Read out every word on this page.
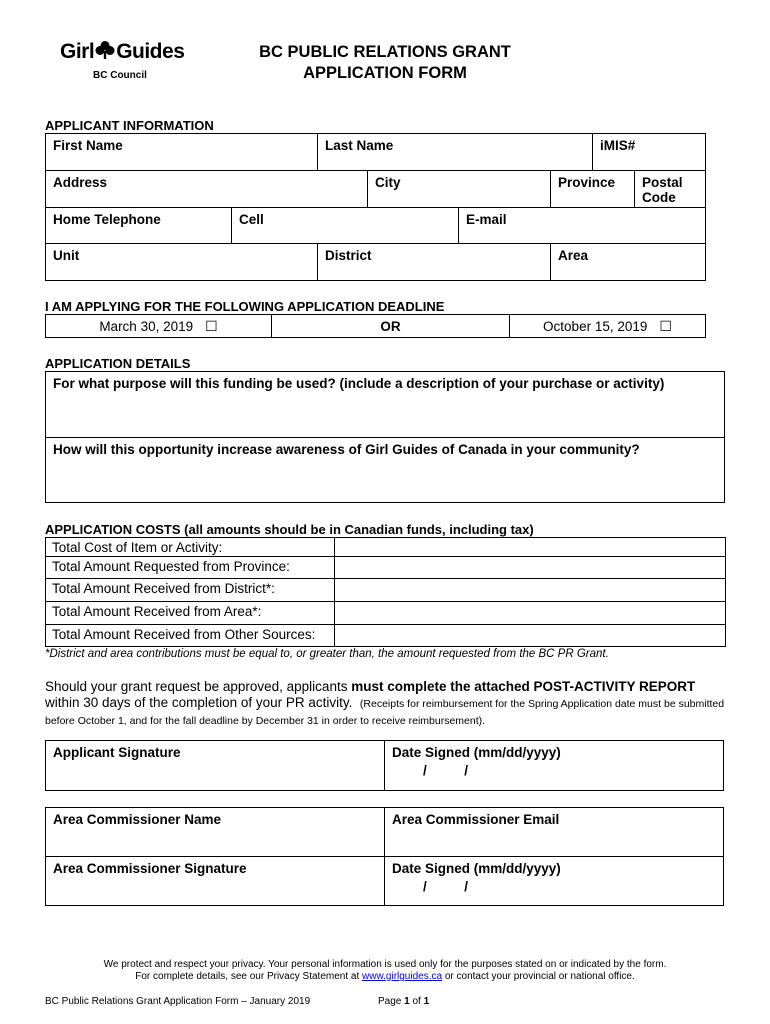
Girl Guides
BC Council
BC PUBLIC RELATIONS GRANT
APPLICATION FORM
APPLICANT INFORMATION
First Name		Last Name				iMIS#	

Address			City		Province		Postal Code

Home Telephone	Cell			E-mail			

Unit		District			Area		
I AM APPLYING FOR THE FOLLOWING APPLICATION DEADLINE
March 30, 2019 ☐	OR	October 15, 2019 ☐
APPLICATION DETAILS
For what purpose will this funding be used? (include a description of your purchase or activity)

How will this opportunity increase awareness of Girl Guides of Canada in your community?
APPLICATION COSTS (all amounts should be in Canadian funds, including tax)
Total Cost of Item or Activity:	

Total Amount Requested from Province:	

Total Amount Received from District*:	

Total Amount Received from Area*:	

Total Amount Received from Other Sources:	

*District and area contributions must be equal to, or greater than, the amount requested from the BC PR Grant.
Should your grant request be approved, applicants must complete the attached POST-ACTIVITY REPORT within 30 days of the completion of your PR activity. (Receipts for reimbursement for the Spring Application date must be submitted before October 1, and for the fall deadline by December 31 in order to receive reimbursement).
Applicant Signature	Date Signed (mm/dd/yyyy)
/          /
Area Commissioner Name	Area Commissioner Email

Area Commissioner Signature	Date Signed (mm/dd/yyyy)
/          /
We protect and respect your privacy. Your personal information is used only for the purposes stated on or indicated by the form.
For complete details, see our Privacy Statement at www.girlguides.ca or contact your provincial or national office.
BC Public Relations Grant Application Form – January 2019	Page 1 of 1
